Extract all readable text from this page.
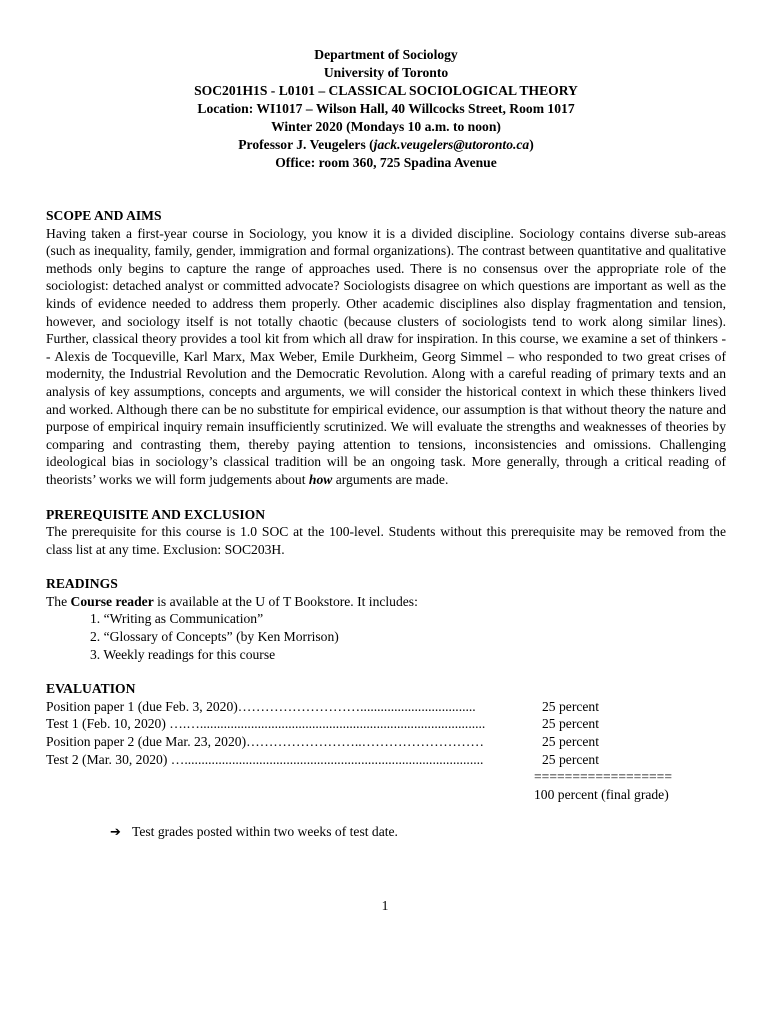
Department of Sociology
University of Toronto
SOC201H1S - L0101 – CLASSICAL SOCIOLOGICAL THEORY
Location: WI1017 – Wilson Hall, 40 Willcocks Street, Room 1017
Winter 2020 (Mondays 10 a.m. to noon)
Professor J. Veugelers (jack.veugelers@utoronto.ca)
Office: room 360, 725 Spadina Avenue
SCOPE AND AIMS
Having taken a first-year course in Sociology, you know it is a divided discipline. Sociology contains diverse sub-areas (such as inequality, family, gender, immigration and formal organizations). The contrast between quantitative and qualitative methods only begins to capture the range of approaches used. There is no consensus over the appropriate role of the sociologist: detached analyst or committed advocate? Sociologists disagree on which questions are important as well as the kinds of evidence needed to address them properly. Other academic disciplines also display fragmentation and tension, however, and sociology itself is not totally chaotic (because clusters of sociologists tend to work along similar lines). Further, classical theory provides a tool kit from which all draw for inspiration. In this course, we examine a set of thinkers -- Alexis de Tocqueville, Karl Marx, Max Weber, Emile Durkheim, Georg Simmel – who responded to two great crises of modernity, the Industrial Revolution and the Democratic Revolution. Along with a careful reading of primary texts and an analysis of key assumptions, concepts and arguments, we will consider the historical context in which these thinkers lived and worked. Although there can be no substitute for empirical evidence, our assumption is that without theory the nature and purpose of empirical inquiry remain insufficiently scrutinized. We will evaluate the strengths and weaknesses of theories by comparing and contrasting them, thereby paying attention to tensions, inconsistencies and omissions. Challenging ideological bias in sociology’s classical tradition will be an ongoing task. More generally, through a critical reading of theorists’ works we will form judgements about how arguments are made.
PREREQUISITE AND EXCLUSION
The prerequisite for this course is 1.0 SOC at the 100-level. Students without this prerequisite may be removed from the class list at any time. Exclusion: SOC203H.
READINGS
The Course reader is available at the U of T Bookstore. It includes:
1. “Writing as Communication”
2. “Glossary of Concepts” (by Ken Morrison)
3. Weekly readings for this course
EVALUATION
Position paper 1 (due Feb. 3, 2020)………………………..................................	25 percent
Test 1 (Feb. 10, 2020) ….…....................................................................................	25 percent
Position paper 2 (due Mar. 23, 2020)……………………..………………………	25 percent
Test 2 (Mar. 30, 2020) …........................................................................................	25 percent
==================
100 percent (final grade)
➔ Test grades posted within two weeks of test date.
1
